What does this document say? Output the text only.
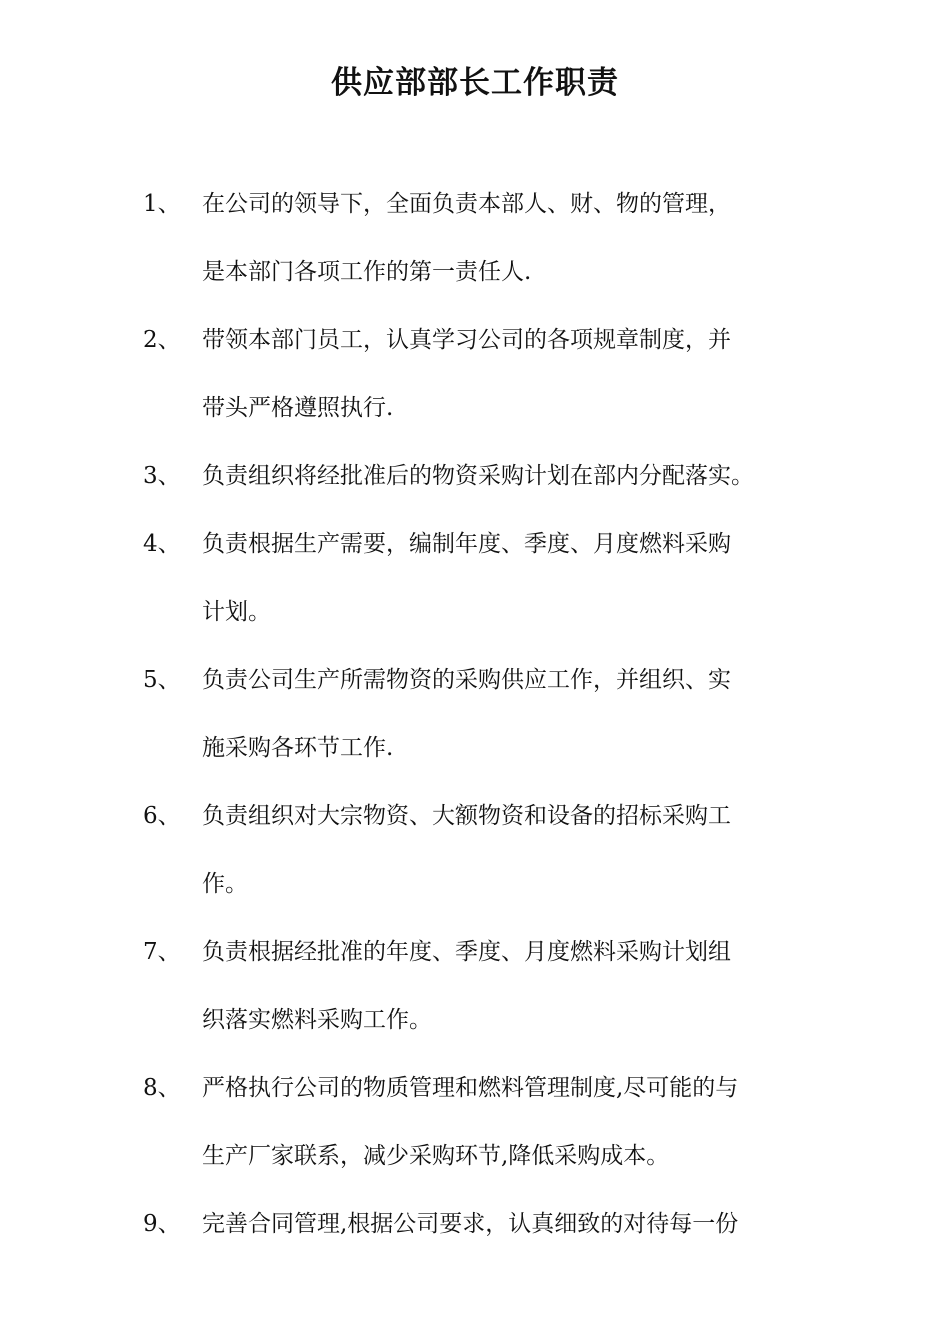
供应部部长工作职责
1、 在公司的领导下，全面负责本部人、财、物的管理，
是本部门各项工作的第一责任人.
2、 带领本部门员工，认真学习公司的各项规章制度，并
带头严格遵照执行.
3、 负责组织将经批准后的物资采购计划在部内分配落实。
4、 负责根据生产需要，编制年度、季度、月度燃料采购
计划。
5、 负责公司生产所需物资的采购供应工作，并组织、实
施采购各环节工作.
6、 负责组织对大宗物资、大额物资和设备的招标采购工
作。
7、 负责根据经批准的年度、季度、月度燃料采购计划组
织落实燃料采购工作。
8、 严格执行公司的物质管理和燃料管理制度,尽可能的与
生产厂家联系，减少采购环节,降低采购成本。
9、 完善合同管理,根据公司要求，认真细致的对待每一份
